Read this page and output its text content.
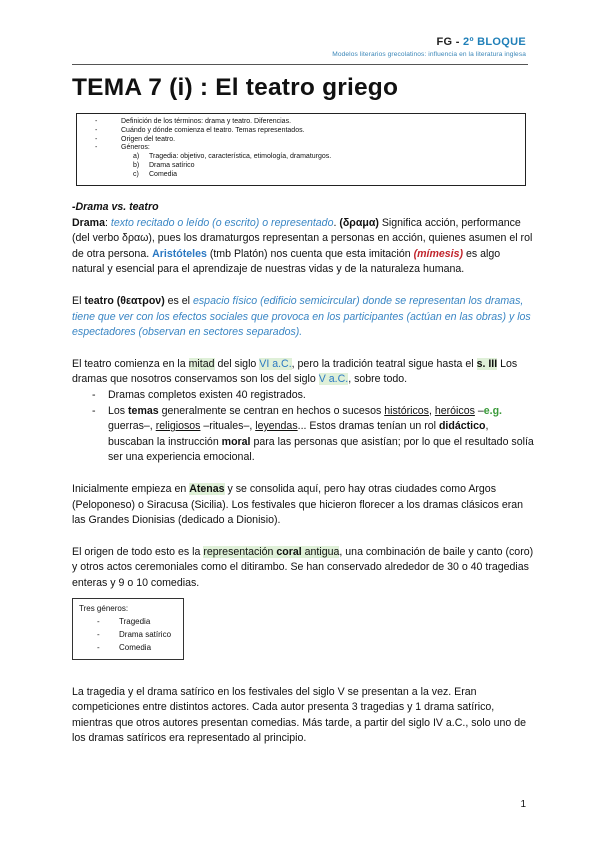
FG - 2º BLOQUE
Modelos literarios grecolatinos: influencia en la literatura inglesa
TEMA 7 (i) : El teatro griego
-	Definición de los términos: drama y teatro. Diferencias.
-	Cuándo y dónde comienza el teatro. Temas representados.
-	Origen del teatro.
-	Géneros:
a) Tragedia: objetivo, característica, etimología, dramaturgos.
b) Drama satírico
c) Comedia

-Drama vs. teatro

Drama: texto recitado o leído (o escrito) o representado. (δραμα) Significa acción, performance (del verbo δραω), pues los dramaturgos representan a personas en acción, quienes asumen el rol de otra persona. Aristóteles (tmb Platón) nos cuenta que esta imitación (mímesis) es algo natural y esencial para el aprendizaje de nuestras vidas y de la naturaleza humana.

El teatro (θεατρον) es el espacio físico (edificio semicircular) donde se representan los dramas, tiene que ver con los efectos sociales que provoca en los participantes (actúan en las obras) y los espectadores (observan en sectores separados).

El teatro comienza en la mitad del siglo VI a.C., pero la tradición teatral sigue hasta el s. III Los dramas que nosotros conservamos son los del siglo V a.C., sobre todo.

- Dramas completos existen 40 registrados.
- Los temas generalmente se centran en hechos o sucesos históricos, heróicos –e.g. guerras–, religiosos –rituales–, leyendas... Estos dramas tenían un rol didáctico, buscaban la instrucción moral para las personas que asistían; por lo que el resultado solía ser una experiencia emocional.

Inicialmente empieza en Atenas y se consolida aquí, pero hay otras ciudades como Argos (Peloponeso) o Siracusa (Sicilia). Los festivales que hicieron florecer a los dramas clásicos eran las Grandes Dionisias (dedicado a Dionisio).

El origen de todo esto es la representación coral antigua, una combinación de baile y canto (coro) y otros actos ceremoniales como el ditirambo. Se han conservado alrededor de 30 o 40 tragedias enteras y 9 o 10 comedias.

Tres géneros:
- Tragedia
- Drama satírico
- Comedia

La tragedia y el drama satírico en los festivales del siglo V se presentan a la vez. Eran competiciones entre distintos actores. Cada autor presenta 3 tragedias y 1 drama satírico, mientras que otros autores presentan comedias. Más tarde, a partir del siglo IV a.C., solo uno de los dramas satíricos era representado al principio.

1
